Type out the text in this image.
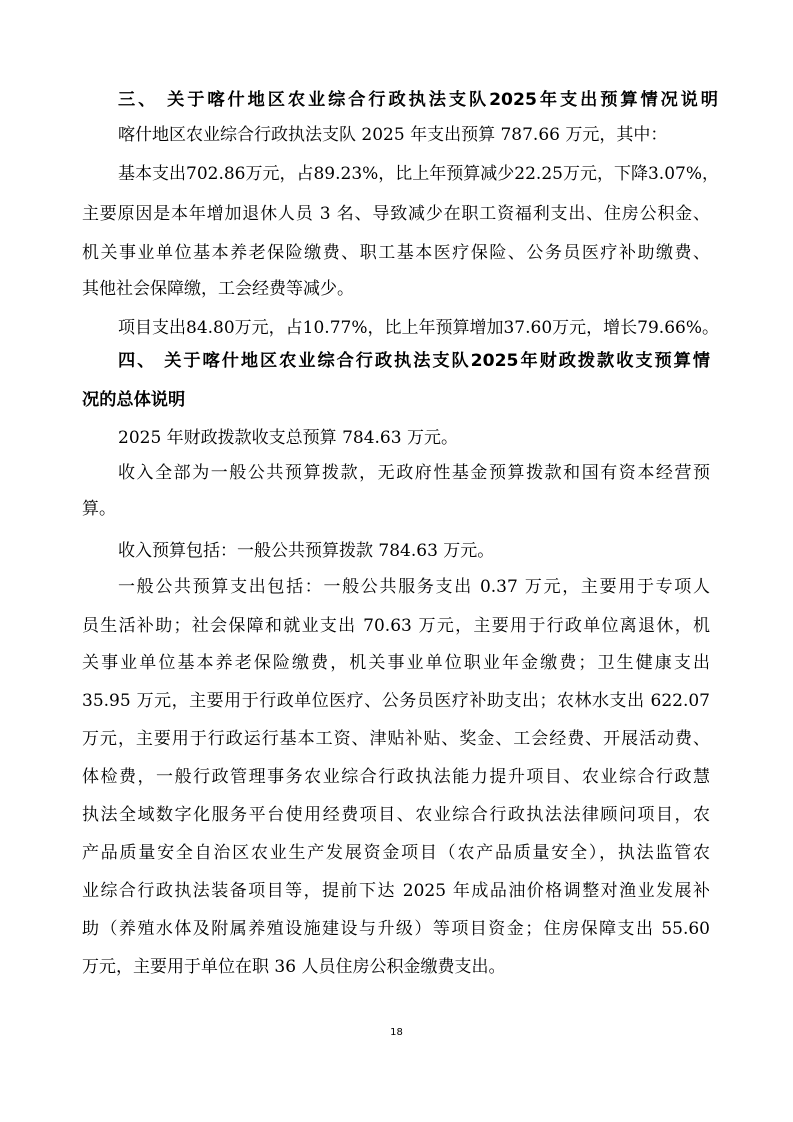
三、 关于喀什地区农业综合行政执法支队2025年支出预算情况说明
喀什地区农业综合行政执法支队 2025 年支出预算 787.66 万元，其中：
基本支出702.86万元，占89.23%，比上年预算减少22.25万元，下降3.07%，
主要原因是本年增加退休人员 3 名、导致减少在职工资福利支出、住房公积金、
机关事业单位基本养老保险缴费、职工基本医疗保险、公务员医疗补助缴费、
其他社会保障缴，工会经费等减少。
项目支出84.80万元，占10.77%，比上年预算增加37.60万元，增长79.66%。
四、 关于喀什地区农业综合行政执法支队2025年财政拨款收支预算情
况的总体说明
2025 年财政拨款收支总预算 784.63 万元。
收入全部为一般公共预算拨款，无政府性基金预算拨款和国有资本经营预
算。
收入预算包括：一般公共预算拨款 784.63 万元。
一般公共预算支出包括：一般公共服务支出 0.37 万元，主要用于专项人
员生活补助；社会保障和就业支出 70.63 万元，主要用于行政单位离退休，机
关事业单位基本养老保险缴费，机关事业单位职业年金缴费；卫生健康支出
35.95 万元，主要用于行政单位医疗、公务员医疗补助支出；农林水支出 622.07
万元，主要用于行政运行基本工资、津贴补贴、奖金、工会经费、开展活动费、
体检费，一般行政管理事务农业综合行政执法能力提升项目、农业综合行政慧
执法全域数字化服务平台使用经费项目、农业综合行政执法法律顾问项目，农
产品质量安全自治区农业生产发展资金项目（农产品质量安全），执法监管农
业综合行政执法装备项目等，提前下达 2025 年成品油价格调整对渔业发展补
助（养殖水体及附属养殖设施建设与升级）等项目资金；住房保障支出 55.60
万元，主要用于单位在职 36 人员住房公积金缴费支出。
18
